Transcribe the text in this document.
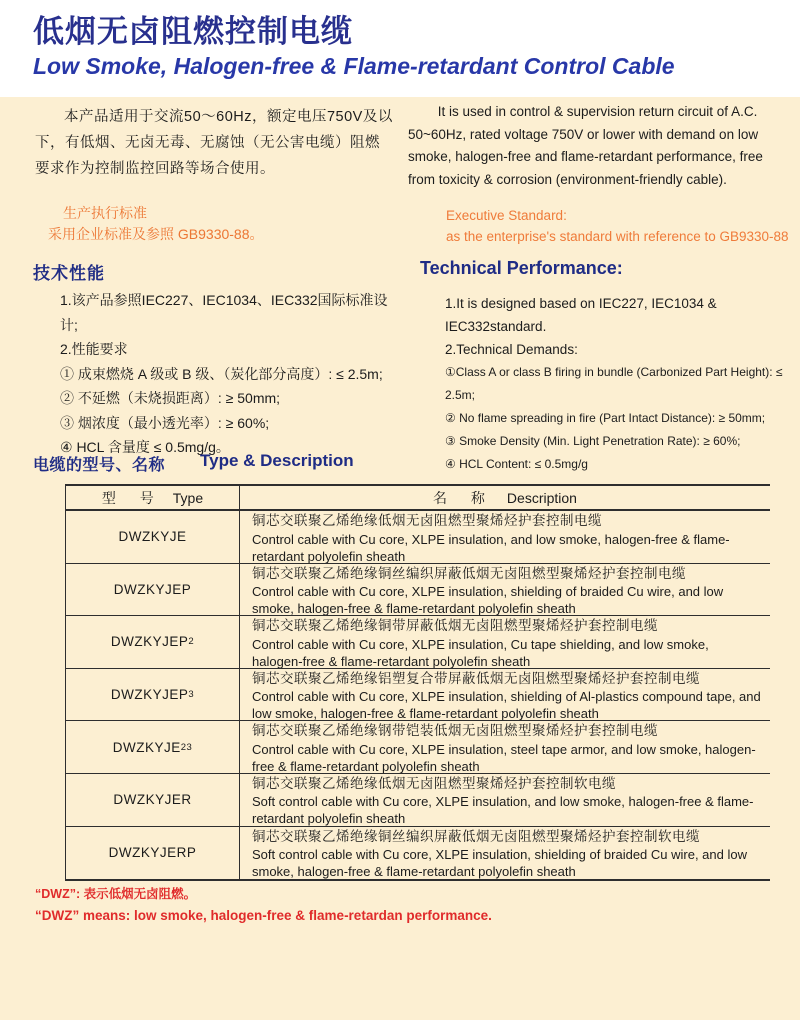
低烟无卤阻燃控制电缆
Low Smoke, Halogen-free & Flame-retardant Control Cable
本产品适用于交流50～60Hz，额定电压750V及以下，有低烟、无卤无毒、无腐蚀（无公害电缆）阻燃要求作为控制监控回路等场合使用。
It is used in control & supervision return circuit of A.C. 50~60Hz, rated voltage 750V or lower with demand on low smoke, halogen-free and flame-retardant performance, free from toxicity & corrosion (environment-friendly cable).
生产执行标准
采用企业标准及参照 GB9330-88。
Executive Standard:
as the enterprise's standard with reference to GB9330-88
技术性能	Technical Performance:
1.该产品参照IEC227、IEC1034、IEC332国际标准设计;
2.性能要求
① 成束燃烧 A 级或 B 级、（炭化部分高度）: ≤ 2.5m;
② 不延燃（未烧损距离）: ≥ 50mm;
③ 烟浓度（最小透光率）: ≥ 60%;
④ HCL 含量度 ≤ 0.5mg/g。
1.It is designed based on IEC227, IEC1034 & IEC332standard.
2.Technical Demands:
①Class A or class B firing in bundle (Carbonized Part Height): ≤ 2.5m;
② No flame spreading in fire (Part Intact Distance): ≥ 50mm;
③ Smoke Density (Min. Light Penetration Rate): ≥ 60%;
④ HCL Content: ≤ 0.5mg/g
电缆的型号、名称 Type & Description
型 号 Type	名 称 Description
DWZKYJE
铜芯交联聚乙烯绝缘低烟无卤阻燃型聚烯烃护套控制电缆
Control cable with Cu core, XLPE insulation, and low smoke, halogen-free & flame-retardant polyolefin sheath
DWZKYJEP
铜芯交联聚乙烯绝缘铜丝编织屏蔽低烟无卤阻燃型聚烯烃护套控制电缆
Control cable with Cu core, XLPE insulation, shielding of braided Cu wire, and low smoke, halogen-free & flame-retardant polyolefin sheath
DWZKYJEP 2
铜芯交联聚乙烯绝缘铜带屏蔽低烟无卤阻燃型聚烯烃护套控制电缆
Control cable with Cu core, XLPE insulation, Cu tape shielding, and low smoke, halogen-free & flame-retardant polyolefin sheath
DWZKYJEP 3
铜芯交联聚乙烯绝缘铝塑复合带屏蔽低烟无卤阻燃型聚烯烃护套控制电缆
Control cable with Cu core, XLPE insulation, shielding of Al-plastics compound tape, and low smoke, halogen-free & flame-retardant polyolefin sheath
DWZKYJE 23
铜芯交联聚乙烯绝缘钢带铠装低烟无卤阻燃型聚烯烃护套控制电缆
Control cable with Cu core, XLPE insulation, steel tape armor, and low smoke, halogen-free & flame-retardant polyolefin sheath
DWZKYJER
铜芯交联聚乙烯绝缘低烟无卤阻燃型聚烯烃护套控制软电缆
Soft control cable with Cu core, XLPE insulation, and low smoke, halogen-free & flame-retardant polyolefin sheath
DWZKYJERP
铜芯交联聚乙烯绝缘铜丝编织屏蔽低烟无卤阻燃型聚烯烃护套控制软电缆
Soft control cable with Cu core, XLPE insulation, shielding of braided Cu wire, and low smoke, halogen-free & flame-retardant polyolefin sheath
“DWZ”: 表示低烟无卤阻燃。
“DWZ” means: low smoke, halogen-free & flame-retardan performance.
